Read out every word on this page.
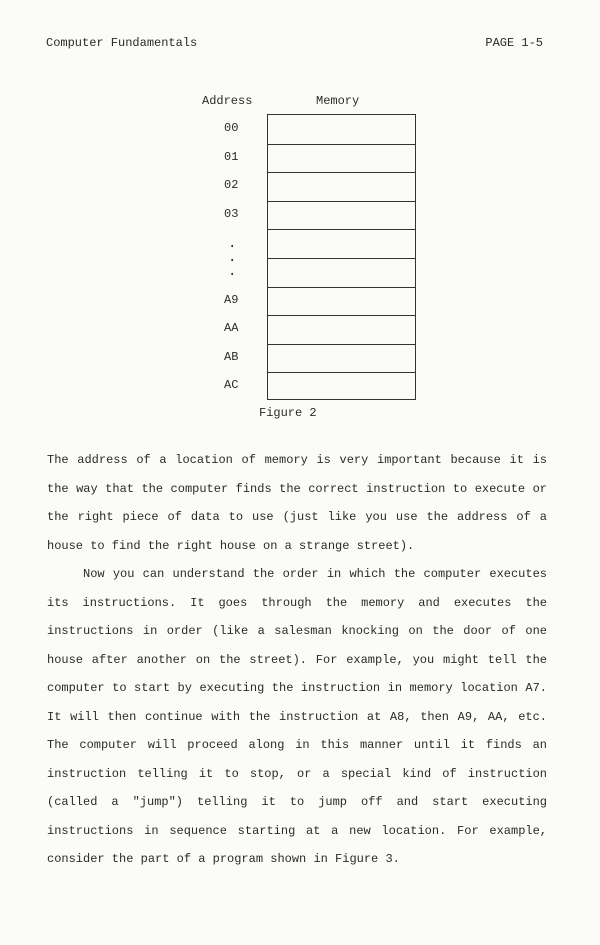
Computer Fundamentals	PAGE 1-5
Address	Memory
00
01
02
03
.
.
.
A9
AA
AB
AC
Figure 2

The address of a location of memory is very important because it is the way that the computer finds the correct instruction to execute or the right piece of data to use (just like you use the address of a house to find the right house on a strange street).

Now you can understand the order in which the computer executes its instructions. It goes through the memory and executes the instructions in order (like a salesman knocking on the door of one house after another on the street). For example, you might tell the computer to start by executing the instruction in memory location A7. It will then continue with the instruction at A8, then A9, AA, etc. The computer will proceed along in this manner until it finds an instruction telling it to stop, or a special kind of instruction (called a "jump") telling it to jump off and start executing instructions in sequence starting at a new location. For example, consider the part of a program shown in Figure 3.
